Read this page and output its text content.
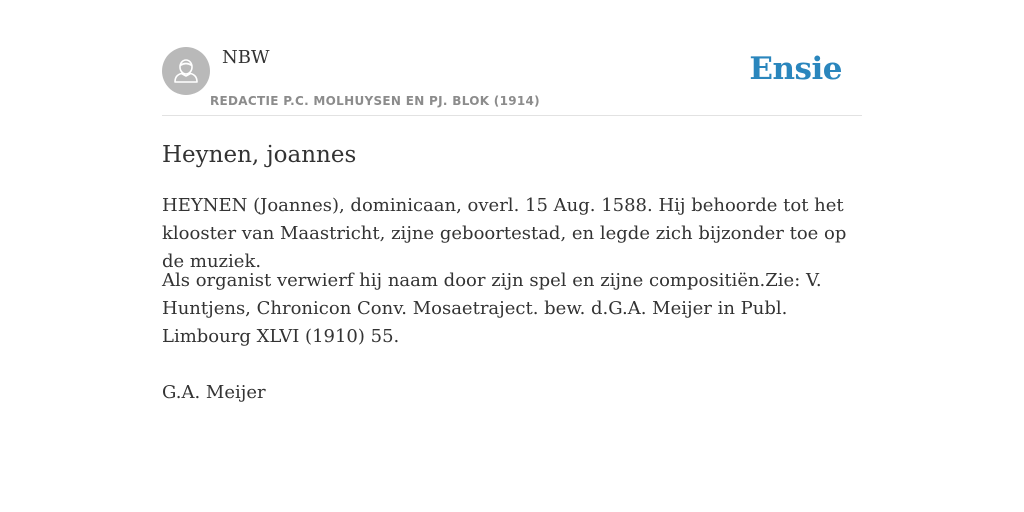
NBW
REDACTIE P.C. MOLHUYSEN EN PJ. BLOK (1914)
Ensie
Heynen, joannes

HEYNEN (Joannes), dominicaan, overl. 15 Aug. 1588. Hij behoorde tot het klooster van Maastricht, zijne geboortestad, en legde zich bijzonder toe op de muziek.

Als organist verwierf hij naam door zijn spel en zijne compositiën.Zie: V. Huntjens, Chronicon Conv. Mosaetraject. bew. d.G.A. Meijer in Publ. Limbourg XLVI (1910) 55.

G.A. Meijer
